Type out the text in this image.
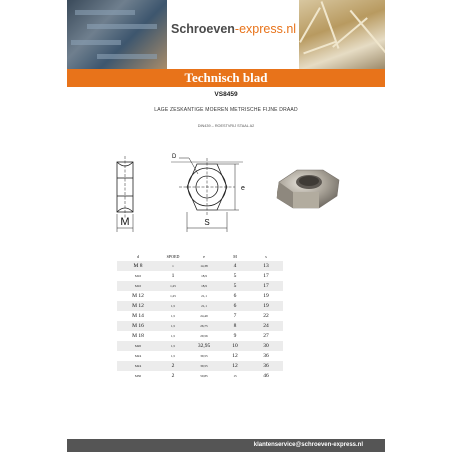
Schroeven-express.nl
Technisch blad
VS8459
LAGE ZESKANTIGE MOEREN METRISCHE FIJNE DRAAD
DIN439 – ROESTVRIJ STAAL A2
M
D
e
S
d	SPOED	e	M	s
M 8	1	14,38	4	13
M10	1	18,9	5	17
M10	1,25	18,9	5	17
M 12	1,25	21,1	6	19
M 12	1,5	21,1	6	19
M 14	1,5	24,49	7	22
M 16	1,5	26,75	8	24
M 18	1,5	29,56	9	27
M20	1,5	32,95	10	30
M24	1,5	39,55	12	36
M24	2	39,55	12	36
M30	2	50,85	15	46
klantenservice@schroeven-express.nl
